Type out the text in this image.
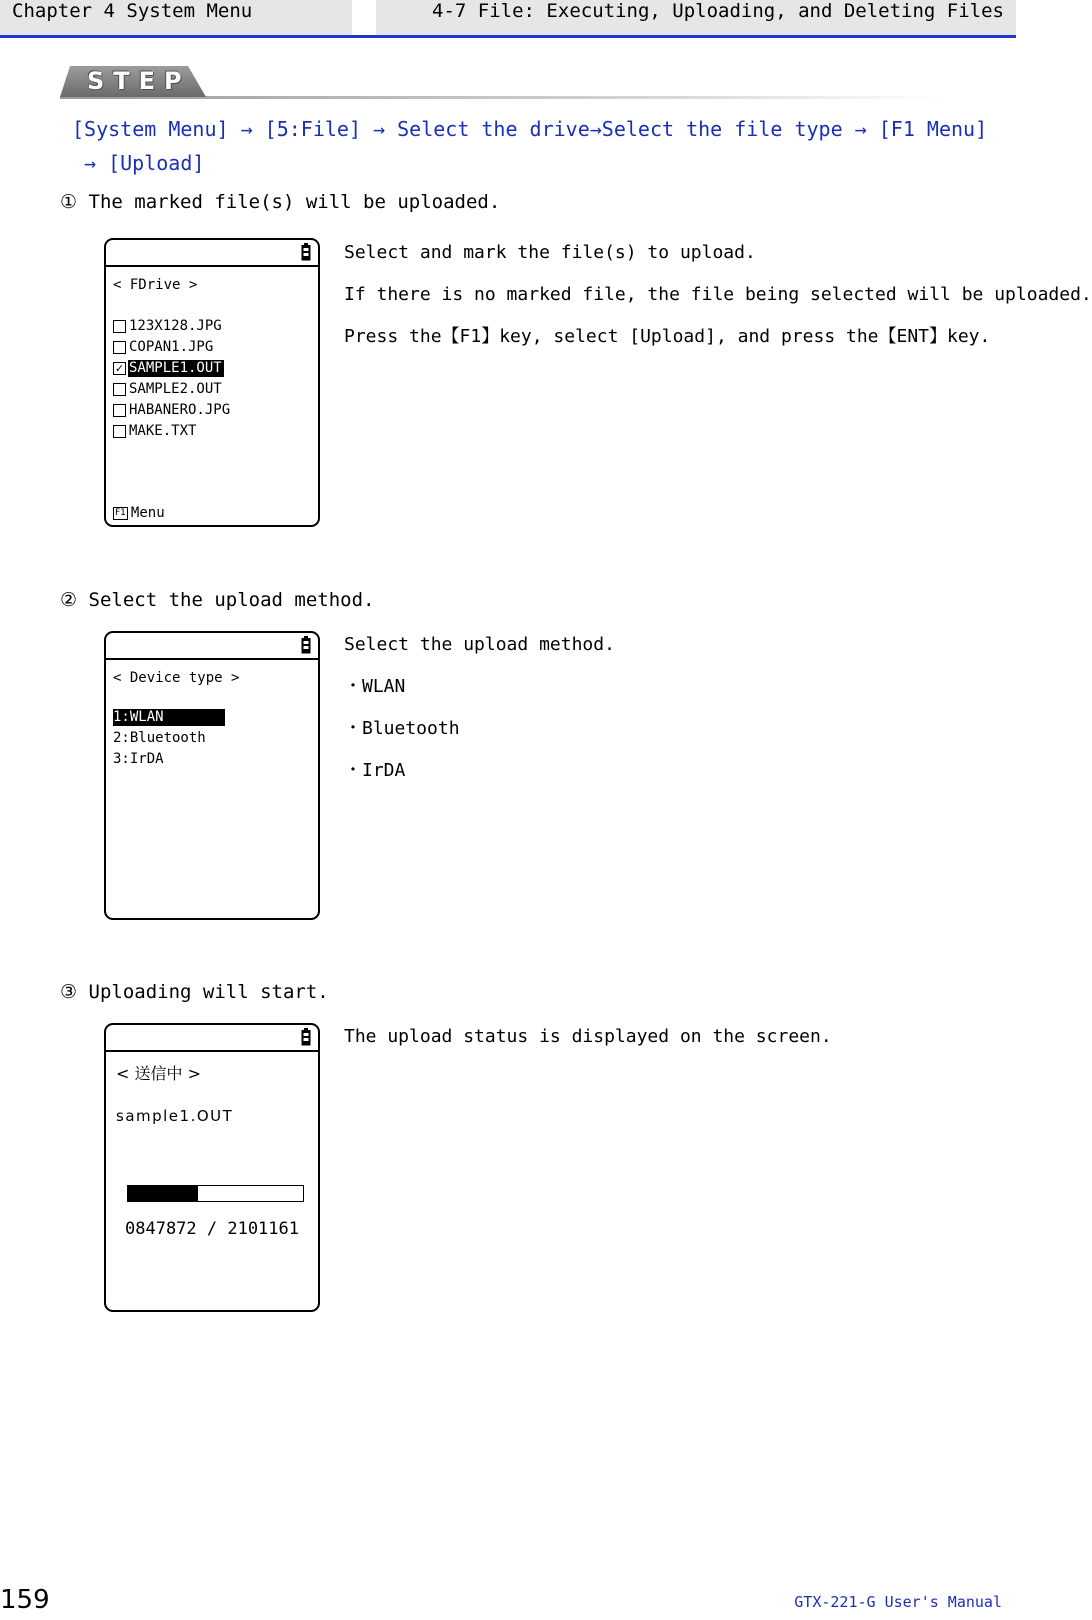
Chapter 4 System Menu	4-7 File: Executing, Uploading, and Deleting Files
STEP
[System Menu] → [5:File] → Select the drive→Select the file type → [F1 Menu]
→ [Upload]
① The marked file(s) will be uploaded.
< FDrive >
123X128.JPG
COPAN1.JPG
✓ SAMPLE1.OUT
SAMPLE2.OUT
HABANERO.JPG
MAKE.TXT
F1 Menu
Select and mark the file(s) to upload.
If there is no marked file, the file being selected will be uploaded.
Press the【F1】key, select [Upload], and press the【ENT】key.
② Select the upload method.
< Device type >
1:WLAN
2:Bluetooth
3:IrDA
Select the upload method.
・WLAN
・Bluetooth
・IrDA
③ Uploading will start.
< 送信中 >
sample1.OUT
0847872 / 2101161
The upload status is displayed on the screen.
159	GTX-221-G User's Manual
